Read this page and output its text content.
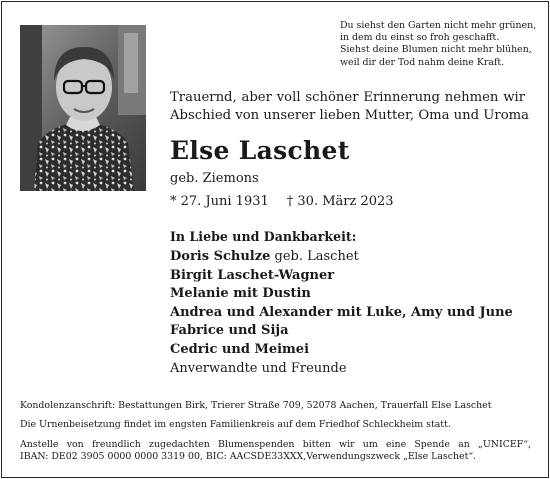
Du siehst den Garten nicht mehr grünen,
in dem du einst so froh geschafft.
Siehst deine Blumen nicht mehr blühen,
weil dir der Tod nahm deine Kraft.
Trauernd, aber voll schöner Erinnerung nehmen wir
Abschied von unserer lieben Mutter, Oma und Uroma
Else Laschet
geb. Ziemons
* 27. Juni 1931 † 30. März 2023
In Liebe und Dankbarkeit:
Doris Schulze geb. Laschet
Birgit Laschet-Wagner
Melanie mit Dustin
Andrea und Alexander mit Luke, Amy und June
Fabrice und Sija
Cedric und Meimei
Anverwandte und Freunde
Kondolenzanschrift: Bestattungen Birk, Trierer Straße 709, 52078 Aachen, Trauerfall Else Laschet
Die Urnenbeisetzung findet im engsten Familienkreis auf dem Friedhof Schleckheim statt.
Anstelle von freundlich zugedachten Blumenspenden bitten wir um eine Spende an „UNICEF“,
IBAN: DE02 3905 0000 0000 3319 00, BIC: AACSDE33XXX,Verwendungszweck „Else Laschet“.
